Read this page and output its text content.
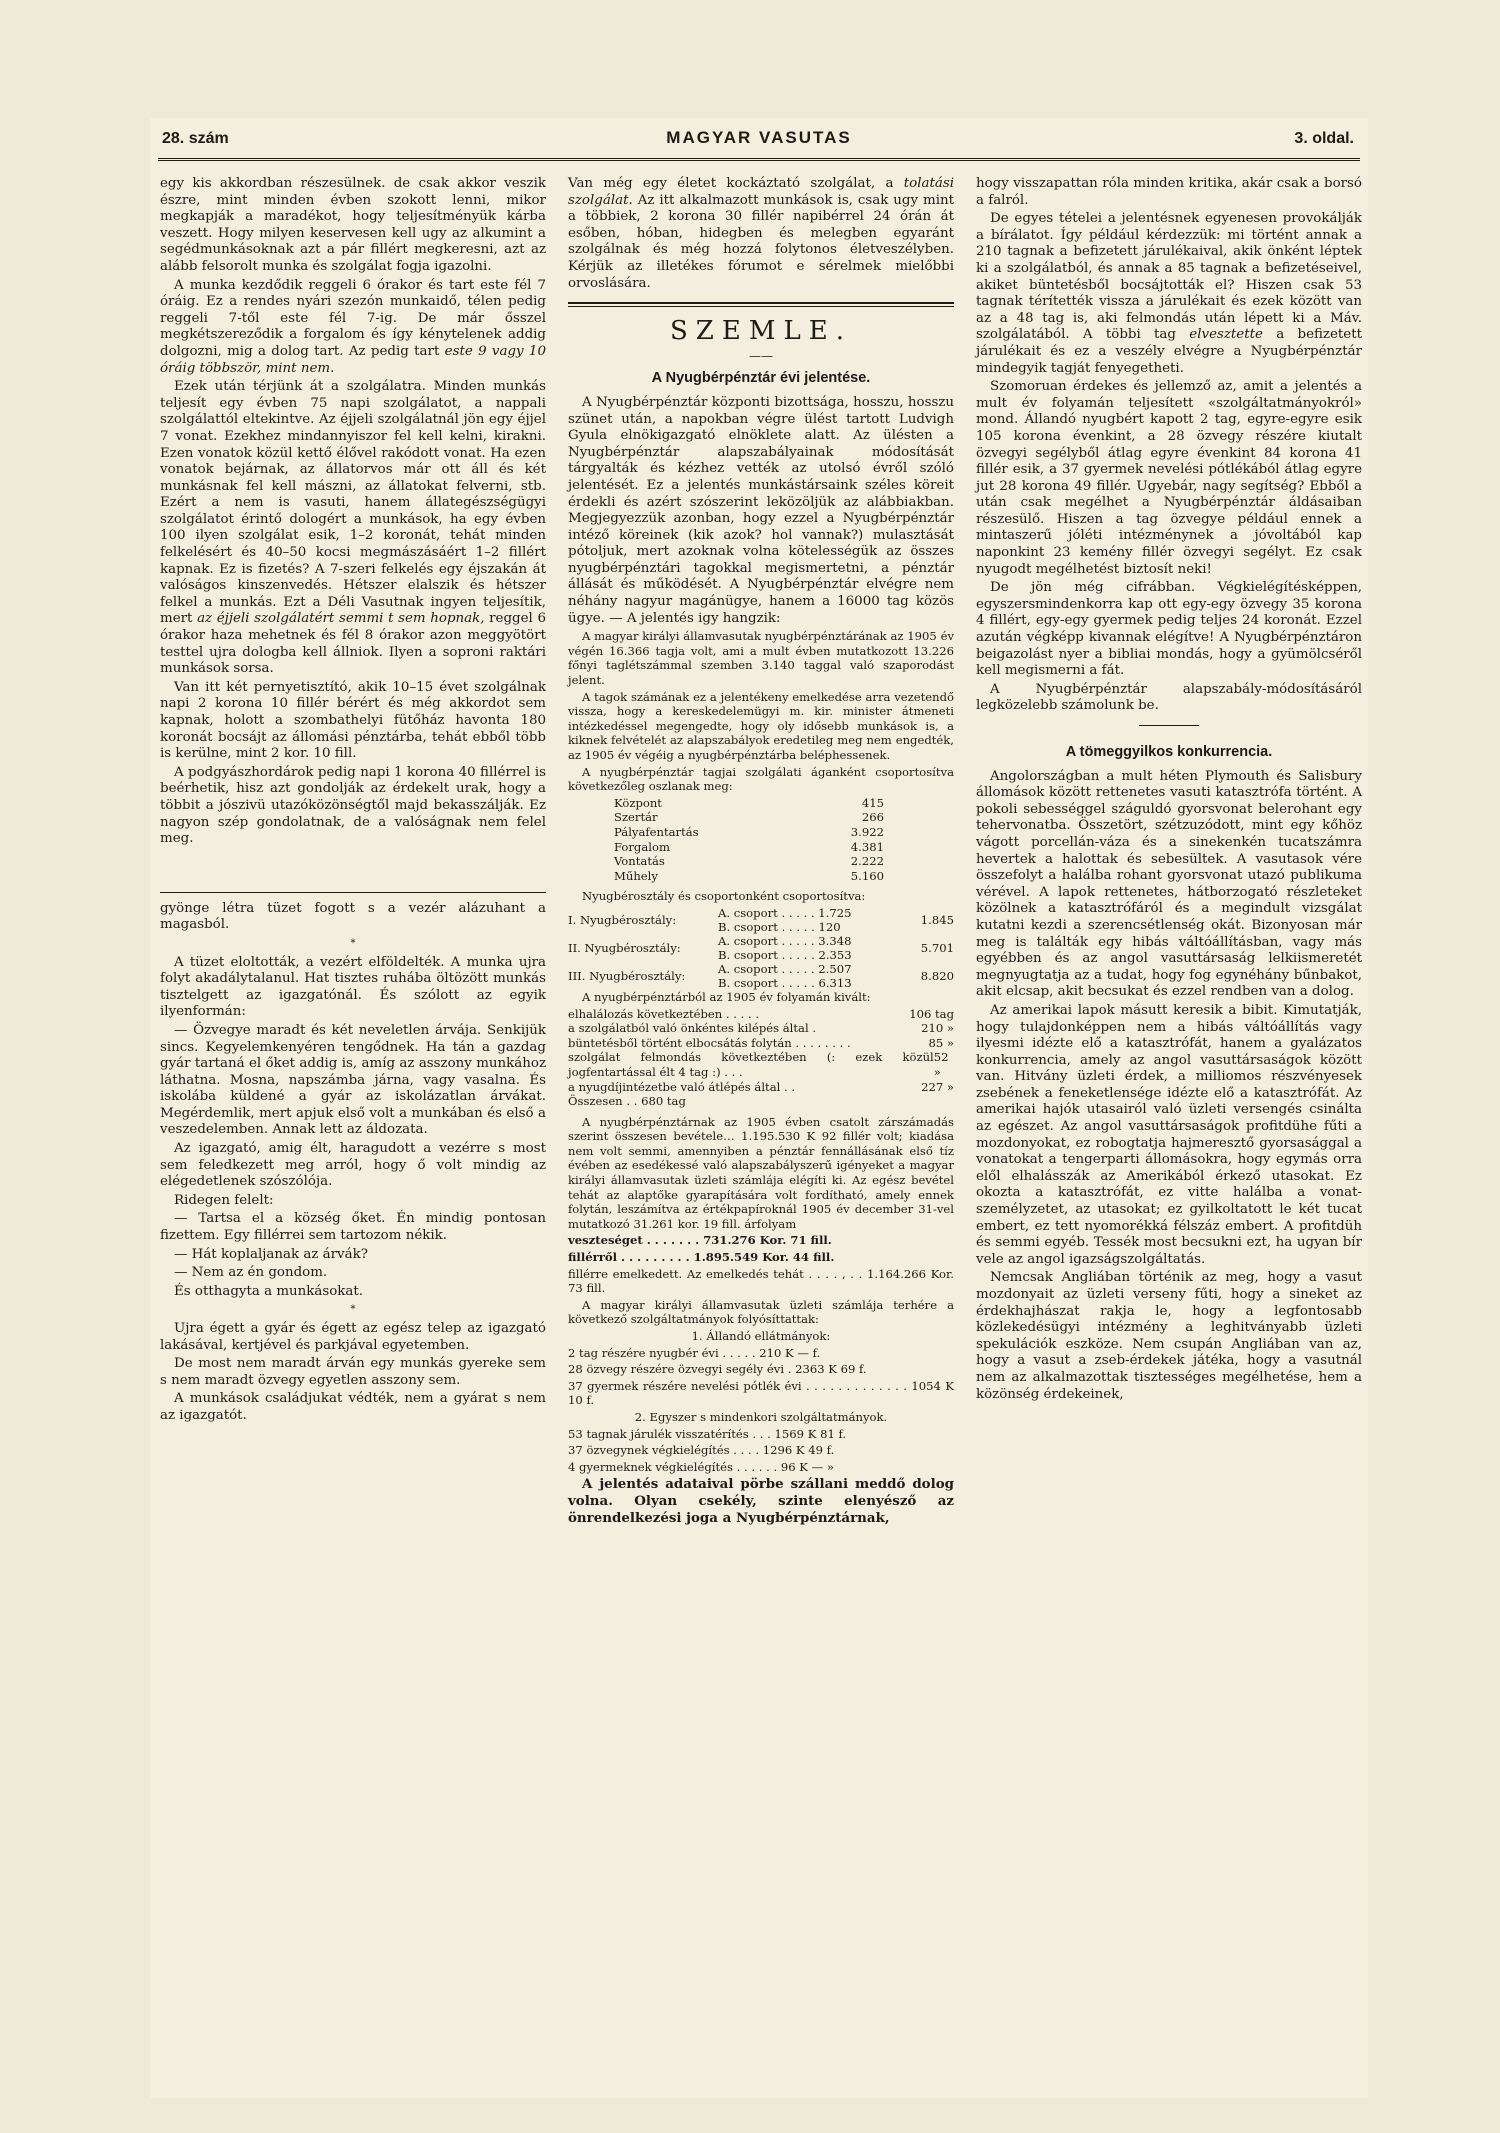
28. szám	MAGYAR VASUTAS	3. oldal.

egy kis akkordban részesülnek. de csak akkor veszik észre, mint minden évben szokott lenni, mikor megkapják a maradékot, hogy teljesítményük kárba veszett. Hogy milyen keservesen kell ugy az alkumint a segédmunkásoknak azt a pár fillért megkeresni, azt az alább felsorolt munka és szolgálat fogja igazolni.

A munka kezdődik reggeli 6 órakor és tart este fél 7 óráig. Ez a rendes nyári szezón munkaidő, télen pedig reggeli 7-től este fél 7-ig. De már ősszel megkétszereződik a forgalom és így kénytelenek addig dolgozni, mig a dolog tart. Az pedig tart este 9 vagy 10 óráig többször, mint nem.

Ezek után térjünk át a szolgálatra. Minden munkás teljesít egy évben 75 napi szolgálatot, a nappali szolgálattól eltekintve. Az éjjeli szolgálatnál jön egy éjjel 7 vonat. Ezekhez mindannyiszor fel kell kelni, kirakni. Ezen vonatok közül kettő élővel rakódott vonat. Ha ezen vonatok bejárnak, az állatorvos már ott áll és két munkásnak fel kell mászni, az állatokat felverni, stb. Ezért a nem is vasuti, hanem állategészségügyi szolgálatot érintő dologért a munkások, ha egy évben 100 ilyen szolgálat esik, 1–2 koronát, tehát minden felkelésért és 40–50 kocsi megmászásáért 1–2 fillért kapnak. Ez is fizetés? A 7-szeri felkelés egy éjszakán át valóságos kinszenvedés. Hétszer elalszik és hétszer felkel a munkás. Ezt a Déli Vasutnak ingyen teljesítik, mert az éjjeli szolgálatért semmi t sem hopnak, reggel 6 órakor haza mehetnek és fél 8 órakor azon meggyötört testtel ujra dologba kell állniok. Ilyen a soproni raktári munkások sorsa.

Van itt két pernyetisztító, akik 10–15 évet szolgálnak napi 2 korona 10 fillér bérért és még akkordot sem kapnak, holott a szombathelyi fütőház havonta 180 koronát bocsájt az állomási pénztárba, tehát ebből több is kerülne, mint 2 kor. 10 fill.

A podgyászhordárok pedig napi 1 korona 40 fillérrel is beérhetik, hisz azt gondolják az érdekelt urak, hogy a többit a jószivü utazóközönségtől majd bekasszálják. Ez nagyon szép gondolatnak, de a valóságnak nem felel meg.

gyönge létra tüzet fogott s a vezér alázuhant a magasból.

*

A tüzet eloltották, a vezért elföldelték. A munka ujra folyt akadálytalanul. Hat tisztes ruhába öltözött munkás tisztelgett az igazgatónál. És szólott az egyik ilyenformán:

— Özvegye maradt és két neveletlen árvája. Senkijük sincs. Kegyelemkenyéren tengődnek. Ha tán a gazdag gyár tartaná el őket addig is, amíg az asszony munkához láthatna. Mosna, napszámba járna, vagy vasalna. És iskolába küldené a gyár az iskolázatlan árvákat. Megérdemlik, mert apjuk első volt a munkában és első a veszedelemben. Annak lett az áldozata.

Az igazgató, amig élt, haragudott a vezérre s most sem feledkezett meg arról, hogy ő volt mindig az elégedetlenek szószólója.

Ridegen felelt:

— Tartsa el a község őket. Én mindig pontosan fizettem. Egy fillérrei sem tartozom nékik.

— Hát koplaljanak az árvák?

— Nem az én gondom.

És otthagyta a munkásokat.

*

Ujra égett a gyár és égett az egész telep az igazgató lakásával, kertjével és parkjával egyetemben.

De most nem maradt árván egy munkás gyereke sem s nem maradt özvegy egyetlen asszony sem.

A munkások családjukat védték, nem a gyárat s nem az igazgatót.

Van még egy életet kockáztató szolgálat, a tolatási szolgálat. Az itt alkalmazott munkások is, csak ugy mint a többiek, 2 korona 30 fillér napibérrel 24 órán át esőben, hóban, hidegben és melegben egyaránt szolgálnak és még hozzá folytonos életveszélyben. Kérjük az illetékes fórumot e sérelmek mielőbbi orvoslására.

SZEMLE.
——
A Nyugbérpénztár évi jelentése.

A Nyugbérpénztár központi bizottsága, hosszu, hosszu szünet után, a napokban végre ülést tartott Ludvigh Gyula elnökigazgató elnöklete alatt. Az ülésten a Nyugbérpénztár alapszabályainak módosítását tárgyalták és kézhez vették az utolsó évről szóló jelentését. Ez a jelentés munkástársaink széles köreit érdekli és azért szószerint leközöljük az alábbiakban. Megjegyezzük azonban, hogy ezzel a Nyugbérpénztár intéző köreinek (kik azok? hol vannak?) mulasztását pótoljuk, mert azoknak volna kötelességük az összes nyugbérpénztári tagokkal megismertetni, a pénztár állását és működését. A Nyugbérpénztár elvégre nem néhány nagyur magánügye, hanem a 16000 tag közös ügye. — A jelentés igy hangzik:

A magyar királyi államvasutak nyugbérpénztárának az 1905 év végén 16.366 tagja volt, ami a mult évben mutatkozott 13.226 főnyi taglétszámmal szemben 3.140 taggal való szaporodást jelent.

A tagok számának ez a jelentékeny emelkedése arra vezetendő vissza, hogy a kereskedelemügyi m. kir. minister átmeneti intézkedéssel megengedte, hogy oly idősebb munkások is, a kiknek felvételét az alapszabályok eredetileg meg nem engedték, az 1905 év végéig a nyugbérpénztárba beléphessenek.

A nyugbérpénztár tagjai szolgálati áganként csoportosítva következőleg oszlanak meg:

Központ	415
Szertár	266
Pályafentartás	3.922
Forgalom	4.381
Vontatás	2.222
Műhely	5.160

Nyugbérosztály és csoportonként csoportosítva:

I. Nyugbérosztály:	A. csoport . . . . . 1.725	1.845
	B. csoport . . . . . 120	
II. Nyugbérosztály:	A. csoport . . . . . 3.348	5.701
	B. csoport . . . . . 2.353	
III. Nyugbérosztály:	A. csoport . . . . . 2.507	8.820
	B. csoport . . . . . 6.313	

A nyugbérpénztárból az 1905 év folyamán kivált:

elhalálozás következtében . . . . .	106 tag
a szolgálatból való önkéntes kilépés által .	210 »
büntetésből történt elbocsátás folytán . . . . . . . .	85 »
szolgálat felmondás következtében (: ezek közül jogfentartással élt 4 tag :) . . .
52 »
a nyugdíjintézetbe való átlépés által . .	227 »
Összesen . . 680 tag

A nyugbérpénztárnak az 1905 évben csatolt zárszámadás szerint összesen bevétele… 1.195.530 K 92 fillér volt; kiadása nem volt semmi, amennyiben a pénztár fennállásának első tíz évében az esedékessé való alapszabályszerű igényeket a magyar királyi államvasutak üzleti számlája elégíti ki. Az egész bevétel tehát az alaptőke gyarapítására volt fordítható, amely ennek folytán, leszámítva az értékpapíroknál 1905 év december 31-vel mutatkozó 31.261 kor. 19 fill. árfolyam

veszteséget . . . . . . . 731.276 Kor. 71 fill.

fillérről . . . . . . . . . 1.895.549 Kor. 44 fill.

fillérre emelkedett. Az emelkedés tehát . . . . , . . 1.164.266 Kor. 73 fill.

A magyar királyi államvasutak üzleti számlája terhére a következő szolgáltatmányok folyósíttattak:

1. Állandó ellátmányok:

2 tag részére nyugbér évi . . . . . 210 K — f.

28 özvegy részére özvegyi segély évi . 2363 K 69 f.

37 gyermek részére nevelési pótlék évi . . . . . . . . . . . . . 1054 K 10 f.

2. Egyszer s mindenkori szolgáltatmányok.

53 tagnak járulék visszatérítés . . . 1569 K 81 f.

37 özvegynek végkielégítés . . . . 1296 K 49 f.

4 gyermeknek végkielégítés . . . . . . 96 K — »

A jelentés adataival pörbe szállani meddő dolog volna. Olyan csekély, szinte elenyésző az önrendelkezési joga a Nyugbérpénztárnak,

hogy visszapattan róla minden kritika, akár csak a borsó a falról.

De egyes tételei a jelentésnek egyenesen provokálják a bírálatot. Így például kérdezzük: mi történt annak a 210 tagnak a befizetett járulékaival, akik önként léptek ki a szolgálatból, és annak a 85 tagnak a befizetéseivel, akiket büntetésből bocsájtották el? Hiszen csak 53 tagnak térítették vissza a járulékait és ezek között van az a 48 tag is, aki felmondás után lépett ki a Máv. szolgálatából. A többi tag elvesztette a befizetett járulékait és ez a veszély elvégre a Nyugbérpénztár mindegyik tagját fenyegetheti.

Szomoruan érdekes és jellemző az, amit a jelentés a mult év folyamán teljesített «szolgáltatmányokról» mond. Állandó nyugbért kapott 2 tag, egyre-egyre esik 105 korona évenkint, a 28 özvegy részére kiutalt özvegyi segélyből átlag egyre évenkint 84 korona 41 fillér esik, a 37 gyermek nevelési pótlékából átlag egyre jut 28 korona 49 fillér. Ugyebár, nagy segítség? Ebből a után csak megélhet a Nyugbérpénztár áldásaiban részesülő. Hiszen a tag özvegye például ennek a mintaszerű jóléti intézménynek a jóvoltából kap naponkint 23 kemény fillér özvegyi segélyt. Ez csak nyugodt megélhetést biztosít neki!

De jön még cifrábban. Végkielégítésképpen, egyszersmindenkorra kap ott egy-egy özvegy 35 korona 4 fillért, egy-egy gyermek pedig teljes 24 koronát. Ezzel azután végképp kivannak elégítve! A Nyugbérpénztáron beigazolást nyer a bibliai mondás, hogy a gyümölcséről kell megismerni a fát.

A Nyugbérpénztár alapszabály-módosításáról legközelebb számolunk be.

A tömeggyilkos konkurrencia.

Angolországban a mult héten Plymouth és Salisbury állomások között rettenetes vasuti katasztrófa történt. A pokoli sebességgel száguldó gyorsvonat belerohant egy tehervonatba. Összetört, szétzuzódott, mint egy kőhöz vágott porcellán-váza és a sinekenkén tucatszámra hevertek a halottak és sebesültek. A vasutasok vére összefolyt a halálba rohant gyorsvonat utazó publikuma vérével. A lapok rettenetes, hátborzogató részleteket közölnek a katasztrófáról és a megindult vizsgálat kutatni kezdi a szerencsétlenség okát. Bizonyosan már meg is találták egy hibás váltóállításban, vagy más egyébben és az angol vasuttársaság lelkiismeretét megnyugtatja az a tudat, hogy fog egynéhány bűnbakot, akit elcsap, akit becsukat és ezzel rendben van a dolog.

Az amerikai lapok másutt keresik a bibit. Kimutatják, hogy tulajdonképpen nem a hibás váltóállítás vagy ilyesmi idézte elő a katasztrófát, hanem a gyalázatos konkurrencia, amely az angol vasuttársaságok között van. Hitvány üzleti érdek, a milliomos részvényesek zsebének a feneketlensége idézte elő a katasztrófát. Az amerikai hajók utasairól való üzleti versengés csinálta az egészet. Az angol vasuttársaságok profitdühe fűti a mozdonyokat, ez robogtatja hajmeresztő gyorsasággal a vonatokat a tengerparti állomásokra, hogy egymás orra elől elhalásszák az Amerikából érkező utasokat. Ez okozta a katasztrófát, ez vitte halálba a vonat-személyzetet, az utasokat; ez gyilkoltatott le két tucat embert, ez tett nyomorékká félszáz embert. A profitdüh és semmi egyéb. Tessék most becsukni ezt, ha ugyan bír vele az angol igazságszolgáltatás.

Nemcsak Angliában történik az meg, hogy a vasut mozdonyait az üzleti verseny fűti, hogy a sineket az érdekhajhászat rakja le, hogy a legfontosabb közlekedésügyi intézmény a leghitványabb üzleti spekulációk eszköze. Nem csupán Angliában van az, hogy a vasut a zseb-érdekek játéka, hogy a vasutnál nem az alkalmazottak tisztességes megélhetése, hem a közönség érdekeinek,
